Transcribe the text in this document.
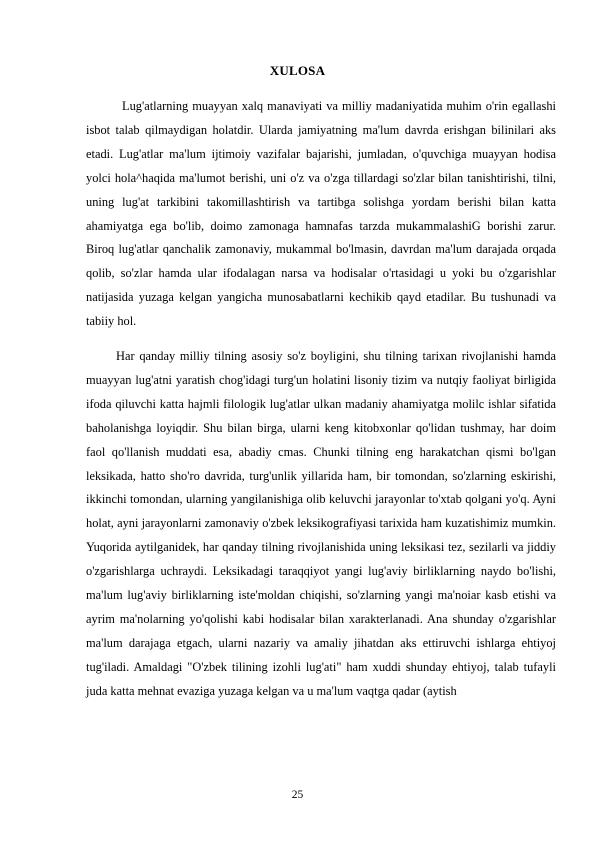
XULOSA

Lug'atlarning muayyan xalq manaviyati va milliy madaniyatida muhim o'rin egallashi isbot talab qilmaydigan holatdir. Ularda jamiyatning ma'lum davrda erishgan bilinilari aks etadi. Lug'atlar ma'lum ijtimoiy vazifalar bajarishi, jumladan, o'quvchiga muayyan hodisa yolci hola^haqida ma'lumot berishi, uni o'z va o'zga tillardagi so'zlar bilan tanishtirishi, tilni, uning lug'at tarkibini takomillashtirish va tartibga solishga yordam berishi bilan katta ahamiyatga ega bo'lib, doimo zamonaga hamnafas tarzda mukammalashiG borishi zarur. Biroq lug'atlar qanchalik zamonaviy, mukammal bo'lmasin, davrdan ma'lum darajada orqada qolib, so'zlar hamda ular ifodalagan narsa va hodisalar o'rtasidagi u yoki bu o'zgarishlar natijasida yuzaga kelgan yangicha munosabatlarni kechikib qayd etadilar. Bu tushunadi va tabiiy hol.

Har qanday milliy tilning asosiy so'z boyligini, shu tilning tarixan rivojlanishi hamda muayyan lug'atni yaratish chog'idagi turg'un holatini lisoniy tizim va nutqiy faoliyat birligida ifoda qiluvchi katta hajmli filologik lug'atlar ulkan madaniy ahamiyatga molilc ishlar sifatida baholanishga loyiqdir. Shu bilan birga, ularni keng kitobxonlar qo'lidan tushmay, har doim faol qo'llanish muddati esa, abadiy cmas. Chunki tilning eng harakatchan qismi bo'lgan leksikada, hatto sho'ro davrida, turg'unlik yillarida ham, bir tomondan, so'zlarning eskirishi, ikkinchi tomondan, ularning yangilanishiga olib keluvchi jarayonlar to'xtab qolgani yo'q. Ayni holat, ayni jarayonlarni zamonaviy o'zbek leksikografiyasi tarixida ham kuzatishimiz mumkin. Yuqorida aytilganidek, har qanday tilning rivojlanishida uning leksikasi tez, sezilarli va jiddiy o'zgarishlarga uchraydi. Leksikadagi taraqqiyot yangi lug'aviy birliklarning naydo bo'lishi, ma'lum lug'aviy birliklarning iste'moldan chiqishi, so'zlarning yangi ma'noiar kasb etishi va ayrim ma'nolarning yo'qolishi kabi hodisalar bilan xarakterlanadi. Ana shunday o'zgarishlar ma'lum darajaga etgach, ularni nazariy va amaliy jihatdan aks ettiruvchi ishlarga ehtiyoj tug'iladi. Amaldagi "O'zbek tilining izohli lug'ati" ham xuddi shunday ehtiyoj, talab tufayli juda katta mehnat evaziga yuzaga kelgan va u ma'lum vaqtga qadar (aytish

25
